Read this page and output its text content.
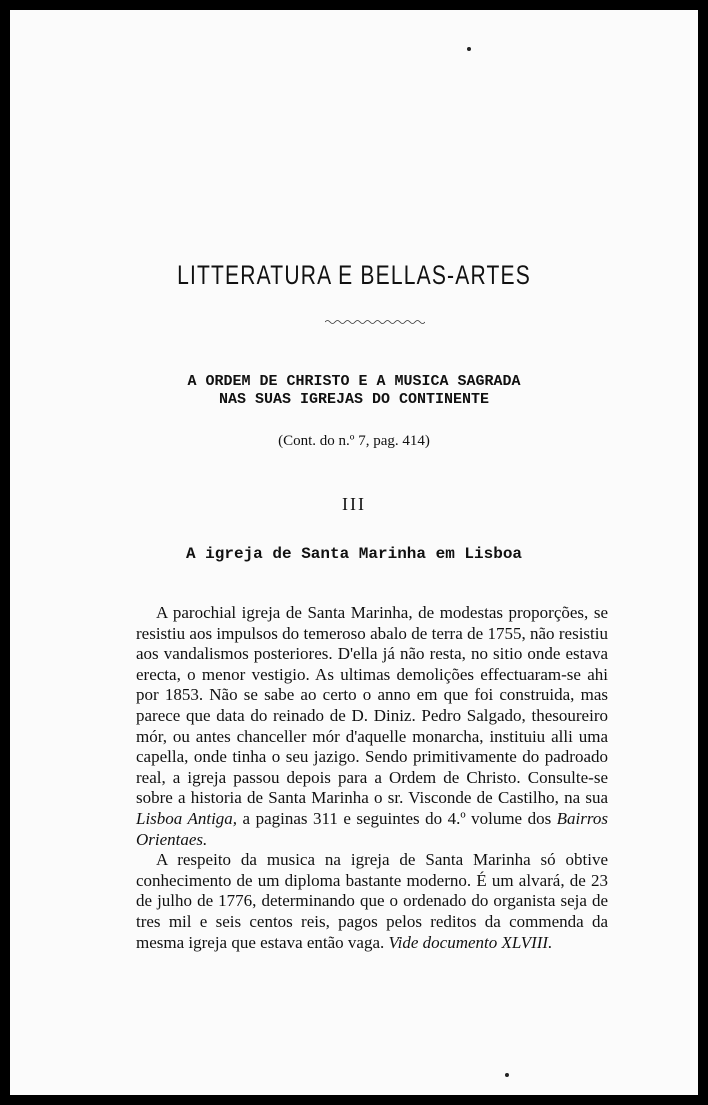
LITTERATURA E BELLAS-ARTES
A ORDEM DE CHRISTO E A MUSICA SAGRADA
NAS SUAS IGREJAS DO CONTINENTE
(Cont. do n.º 7, pag. 414)
III
A igreja de Santa Marinha em Lisboa

A parochial igreja de Santa Marinha, de modestas proporções, se resistiu aos impulsos do temeroso abalo de terra de 1755, não resistiu aos vandalismos posteriores. D'ella já não resta, no sitio onde estava erecta, o menor vestigio. As ultimas demolições effectuaram-se ahi por 1853. Não se sabe ao certo o anno em que foi construida, mas parece que data do reinado de D. Diniz. Pedro Salgado, thesoureiro mór, ou antes chanceller mór d'aquelle monarcha, instituiu alli uma capella, onde tinha o seu jazigo. Sendo primitivamente do padroado real, a igreja passou depois para a Ordem de Christo. Consulte-se sobre a historia de Santa Marinha o sr. Visconde de Castilho, na sua Lisboa Antiga, a paginas 311 e seguintes do 4.º volume dos Bairros Orientaes.

A respeito da musica na igreja de Santa Marinha só obtive conhecimento de um diploma bastante moderno. É um alvará, de 23 de julho de 1776, determinando que o ordenado do organista seja de tres mil e seis centos reis, pagos pelos reditos da commenda da mesma igreja que estava então vaga. Vide documento XLVIII.
